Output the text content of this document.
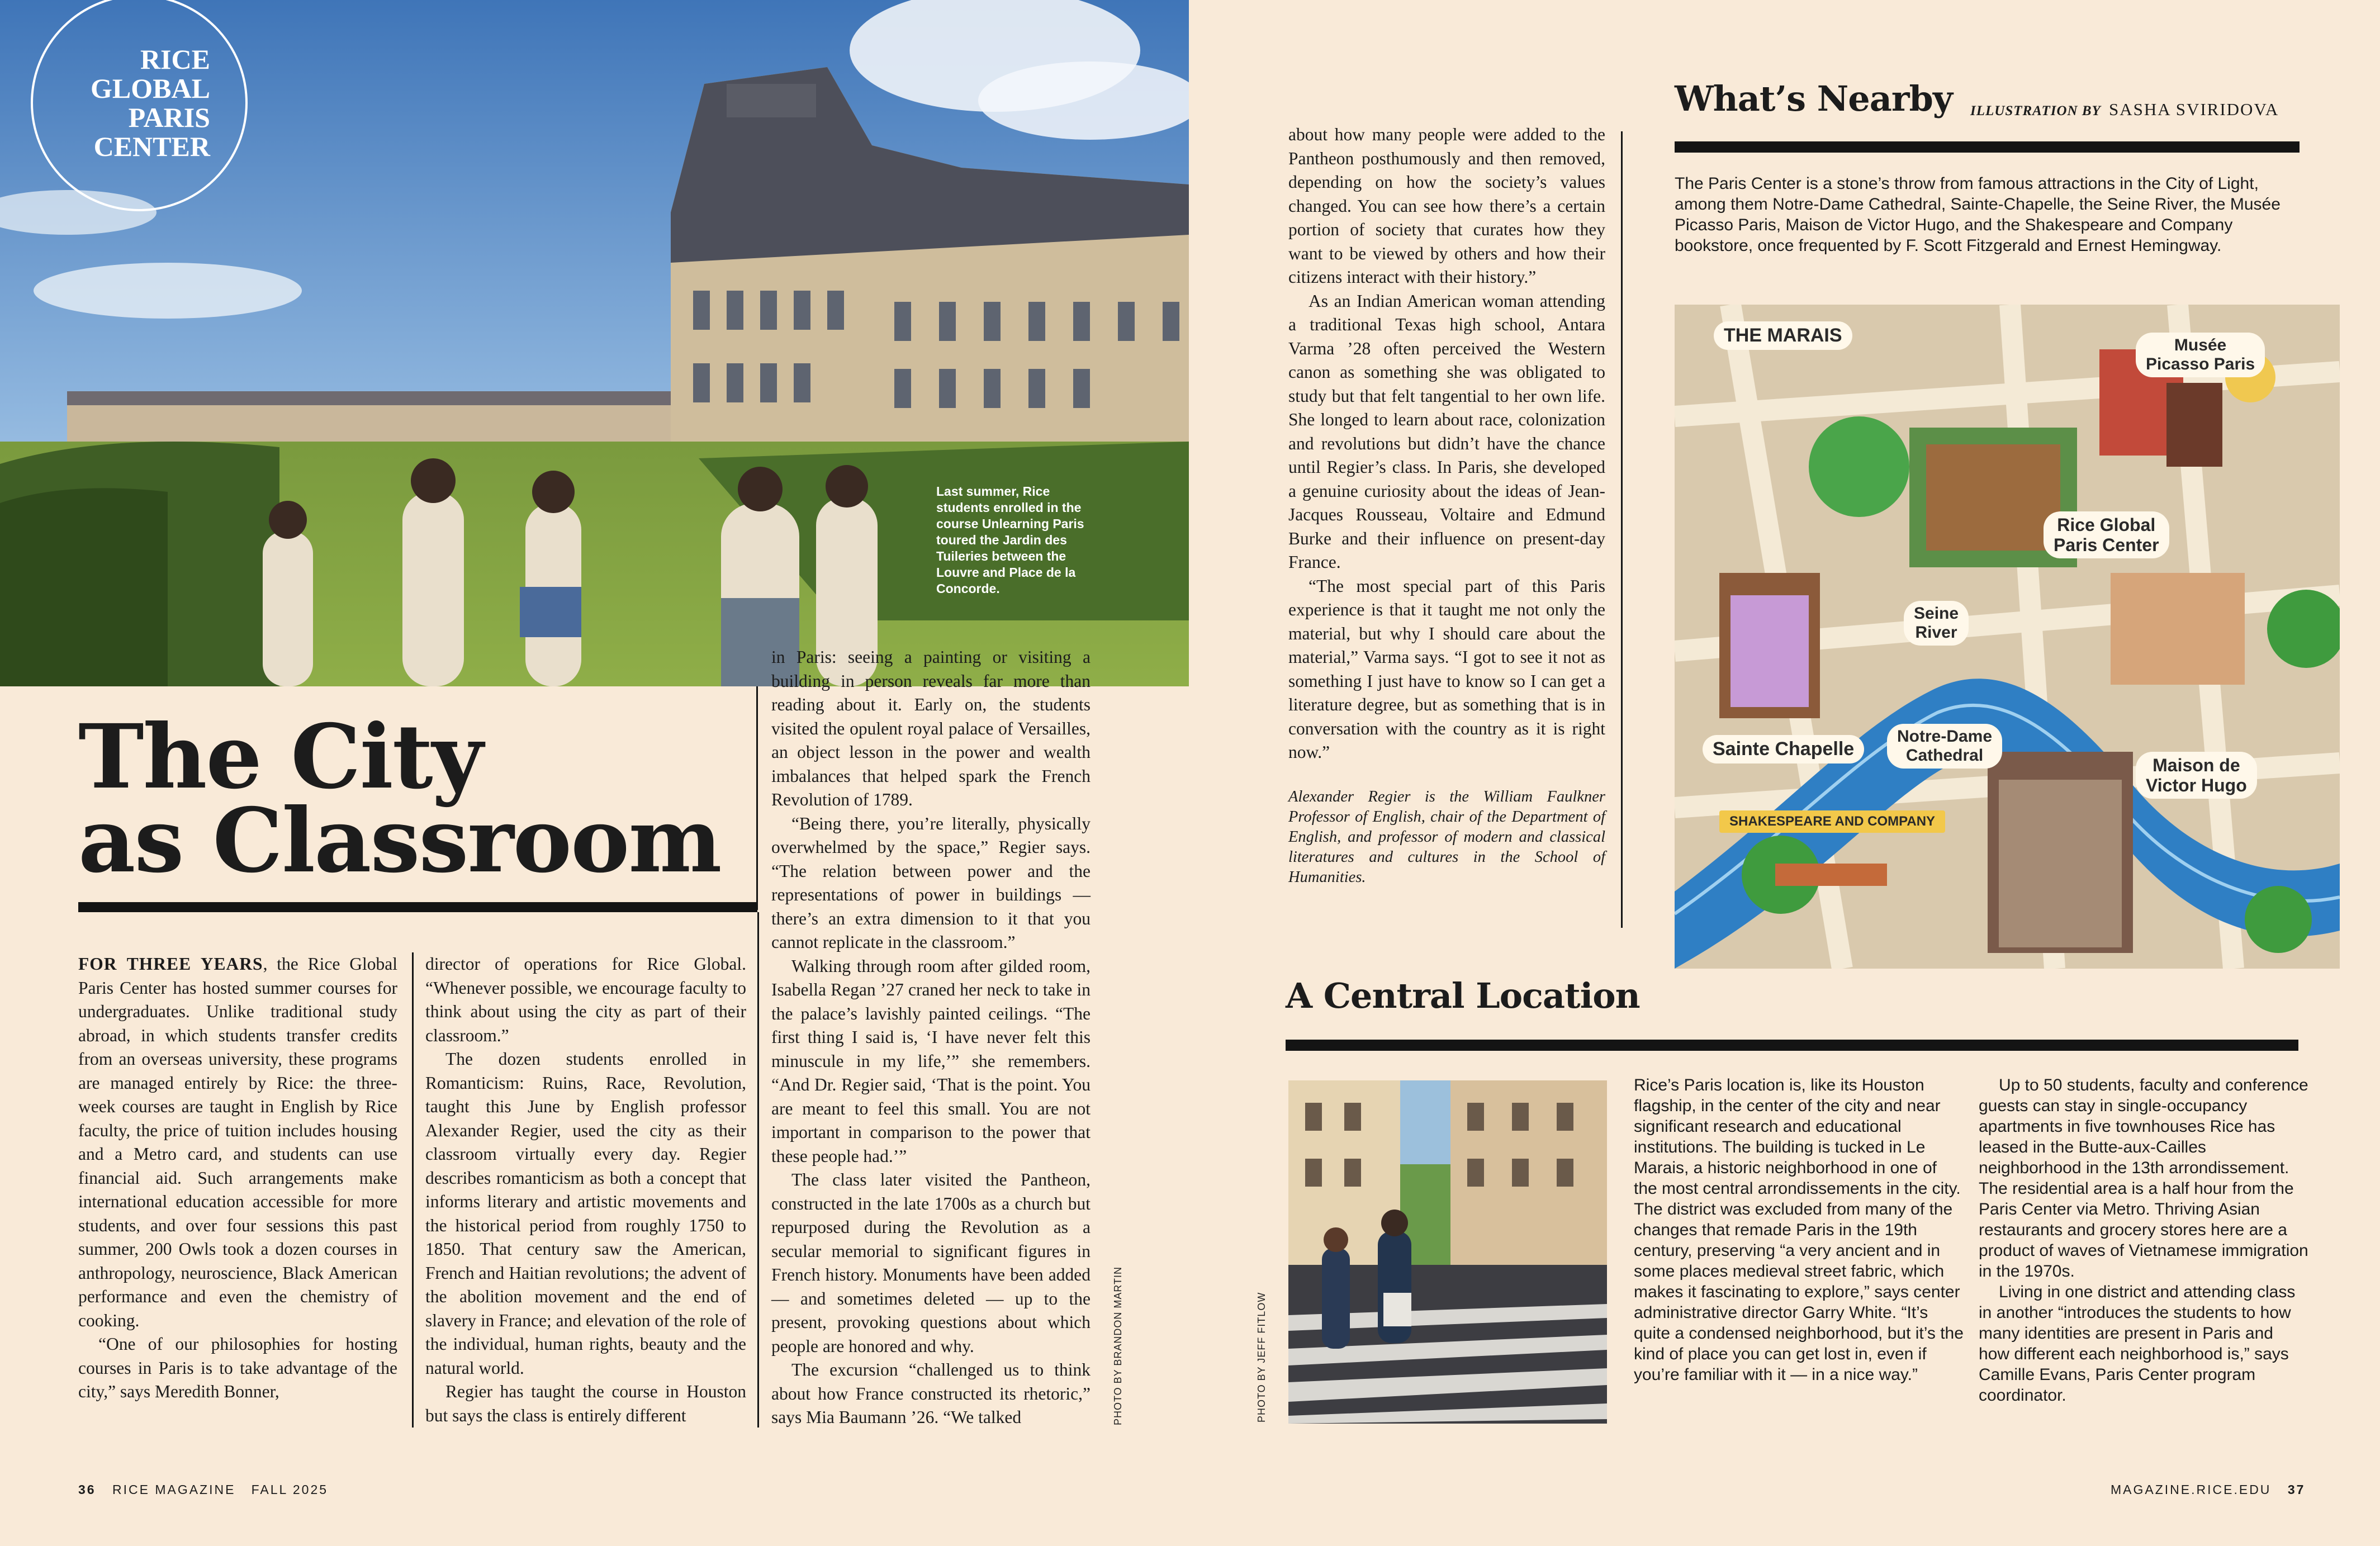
RICE
GLOBAL
PARIS
CENTER
Last summer, Rice students enrolled in the course Unlearning Paris toured the Jardin des Tuileries between the Louvre and Place de la Concorde.
The City
as Classroom

FOR THREE YEARS, the Rice Global Paris Center has hosted summer courses for undergraduates. Unlike traditional study abroad, in which students transfer credits from an overseas university, these programs are managed entirely by Rice: the three-week courses are taught in English by Rice faculty, the price of tuition includes housing and a Metro card, and students can use financial aid. Such arrangements make international education accessible for more students, and over four sessions this past summer, 200 Owls took a dozen courses in anthropology, neuroscience, Black American performance and even the chemistry of cooking.

“One of our philosophies for hosting courses in Paris is to take advantage of the city,” says Meredith Bonner,

director of operations for Rice Global. “Whenever possible, we encourage faculty to think about using the city as part of their classroom.”

The dozen students enrolled in Romanticism: Ruins, Race, Revolution, taught this June by English professor Alexander Regier, used the city as their classroom virtually every day. Regier describes romanticism as both a concept that informs literary and artistic movements and the historical period from roughly 1750 to 1850. That century saw the American, French and Haitian revolutions; the advent of the abolition movement and the end of slavery in France; and elevation of the role of the individual, human rights, beauty and the natural world.

Regier has taught the course in Houston but says the class is entirely different

in Paris: seeing a painting or visiting a building in person reveals far more than reading about it. Early on, the students visited the opulent royal palace of Versailles, an object lesson in the power and wealth imbalances that helped spark the French Revolution of 1789.

“Being there, you’re literally, physically overwhelmed by the space,” Regier says. “The relation between power and the representations of power in buildings — there’s an extra dimension to it that you cannot replicate in the classroom.”

Walking through room after gilded room, Isabella Regan ’27 craned her neck to take in the palace’s lavishly painted ceilings. “The first thing I said is, ‘I have never felt this minuscule in my life,’” she remembers. “And Dr. Regier said, ‘That is the point. You are meant to feel this small. You are not important in comparison to the power that these people had.’”

The class later visited the Pantheon, constructed in the late 1700s as a church but repurposed during the Revolution as a secular memorial to significant figures in French history. Monuments have been added — and sometimes deleted — up to the present, provoking questions about which people are honored and why.

The excursion “challenged us to think about how France constructed its rhetoric,” says Mia Baumann ’26. “We talked	PHOTO BY BRANDON MARTIN

about how many people were added to the Pantheon posthumously and then removed, depending on how the society’s values changed. You can see how there’s a certain portion of society that curates how they want to be viewed by others and how their citizens interact with their history.”

As an Indian American woman attending a traditional Texas high school, Antara Varma ’28 often perceived the Western canon as something she was obligated to study but that felt tangential to her own life. She longed to learn about race, colonization and revolutions but didn’t have the chance until Regier’s class. In Paris, she developed a genuine curiosity about the ideas of Jean-Jacques Rousseau, Voltaire and Edmund Burke and their influence on present-day France.

“The most special part of this Paris experience is that it taught me not only the material, but why I should care about the material,” Varma says. “I got to see it not as something I just have to know so I can get a literature degree, but as something that is in conversation with the country as it is right now.”

Alexander Regier is the William Faulkner Professor of English, chair of the Department of English, and professor of modern and classical literatures and cultures in the School of Humanities.

What’s Nearby ILLUSTRATION BY SASHA SVIRIDOVA
The Paris Center is a stone’s throw from famous attractions in the City of Light, among them Notre-Dame Cathedral, Sainte-Chapelle, the Seine River, the Musée Picasso Paris, Maison de Victor Hugo, and the Shakespeare and Company bookstore, once frequented by F. Scott Fitzgerald and Ernest Hemingway.
THE MARAIS	Musée
Picasso Paris
Rice Global
Paris Center
Seine
River
Notre-Dame
Cathedral
Sainte Chapelle
Maison de
Victor Hugo
SHAKESPEARE AND COMPANY
A Central Location
PHOTO BY JEFF FITLOW

Rice’s Paris location is, like its Houston flagship, in the center of the city and near significant research and educational institutions. The building is tucked in Le Marais, a historic neighborhood in one of the most central arrondissements in the city. The district was excluded from many of the changes that remade Paris in the 19th century, preserving “a very ancient and in some places medieval street fabric, which makes it fascinating to explore,” says center administrative director Garry White. “It’s quite a condensed neighborhood, but it’s the kind of place you can get lost in, even if you’re familiar with it — in a nice way.”

Up to 50 students, faculty and conference guests can stay in single-occupancy apartments in five townhouses Rice has leased in the Butte-aux-Cailles neighborhood in the 13th arrondissement. The residential area is a half hour from the Paris Center via Metro. Thriving Asian restaurants and grocery stores here are a product of waves of Vietnamese immigration in the 1970s.

Living in one district and attending class in another “introduces the students to how many identities are present in Paris and how different each neighborhood is,” says Camille Evans, Paris Center program coordinator.

36 RICE MAGAZINE   FALL 2025	MAGAZINE.RICE.EDU 37
